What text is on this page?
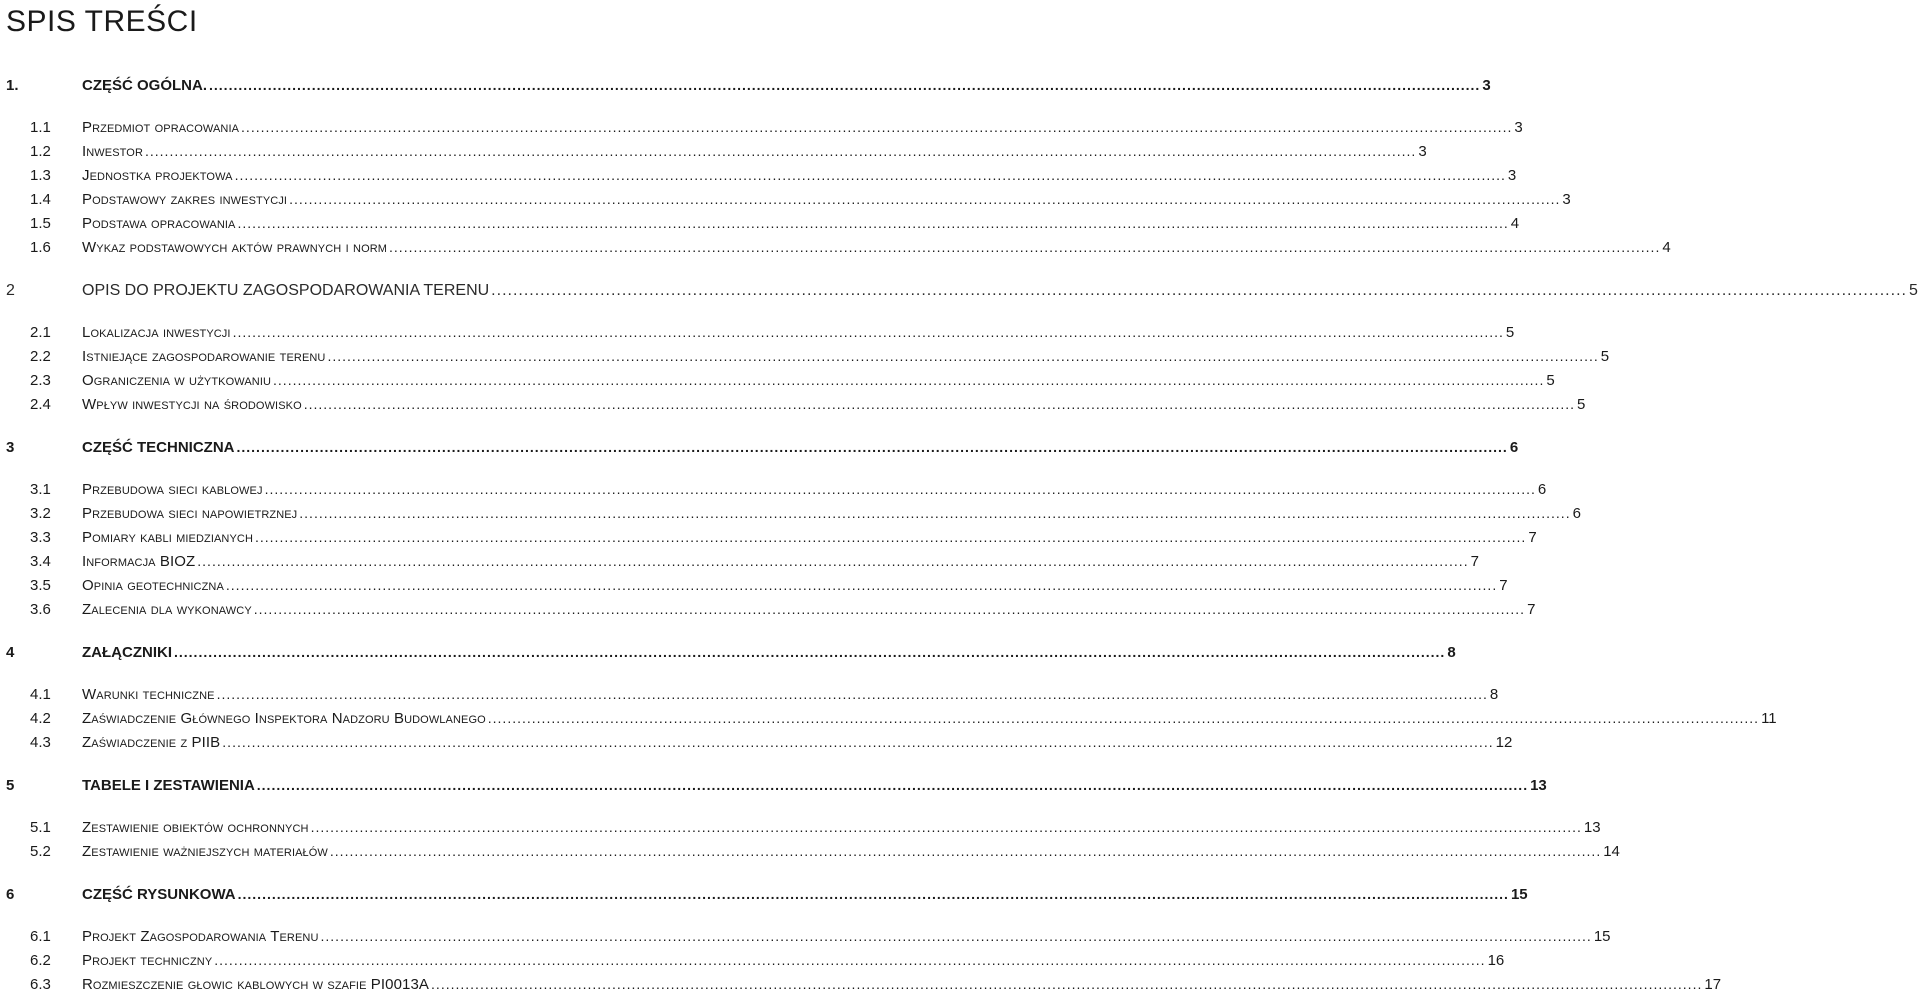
SPIS TREŚCI
1.	CZĘŚĆ OGÓLNA. .................................................................................................................................................................................................................................................................... 3
1.1 Przedmiot opracowania .................................................................................................................................................................................................................................................................... 3
1.2 Inwestor .................................................................................................................................................................................................................................................................... 3
1.3 Jednostka projektowa .................................................................................................................................................................................................................................................................... 3
1.4 Podstawowy zakres inwestycji .................................................................................................................................................................................................................................................................... 3
1.5 Podstawa opracowania .................................................................................................................................................................................................................................................................... 4
1.6 Wykaz podstawowych aktów prawnych i norm .................................................................................................................................................................................................................................................................... 4
2	OPIS DO PROJEKTU ZAGOSPODAROWANIA TERENU .................................................................................................................................................................................................................................................................... 5
2.1 Lokalizacja inwestycji .................................................................................................................................................................................................................................................................... 5
2.2 Istniejące zagospodarowanie terenu .................................................................................................................................................................................................................................................................... 5
2.3 Ograniczenia w użytkowaniu .................................................................................................................................................................................................................................................................... 5
2.4 Wpływ inwestycji na środowisko .................................................................................................................................................................................................................................................................... 5
3	CZĘŚĆ TECHNICZNA .................................................................................................................................................................................................................................................................... 6
3.1 Przebudowa sieci kablowej .................................................................................................................................................................................................................................................................... 6
3.2 Przebudowa sieci napowietrznej .................................................................................................................................................................................................................................................................... 6
3.3 Pomiary kabli miedzianych .................................................................................................................................................................................................................................................................... 7
3.4 Informacja BIOZ .................................................................................................................................................................................................................................................................... 7
3.5 Opinia geotechniczna .................................................................................................................................................................................................................................................................... 7
3.6 Zalecenia dla wykonawcy .................................................................................................................................................................................................................................................................... 7
4	ZAŁĄCZNIKI .................................................................................................................................................................................................................................................................... 8
4.1 Warunki techniczne .................................................................................................................................................................................................................................................................... 8
4.2 Zaświadczenie Głównego Inspektora Nadzoru Budowlanego .................................................................................................................................................................................................................................................................... 11
4.3 Zaświadczenie z PIIB .................................................................................................................................................................................................................................................................... 12
5	TABELE I ZESTAWIENIA .................................................................................................................................................................................................................................................................... 13
5.1 Zestawienie obiektów ochronnych .................................................................................................................................................................................................................................................................... 13
5.2 Zestawienie ważniejszych materiałów .................................................................................................................................................................................................................................................................... 14
6	CZĘŚĆ RYSUNKOWA .................................................................................................................................................................................................................................................................... 15
6.1 Projekt Zagospodarowania Terenu .................................................................................................................................................................................................................................................................... 15
6.2 Projekt techniczny .................................................................................................................................................................................................................................................................... 16
6.3 Rozmieszczenie głowic kablowych w szafie PI0013A .................................................................................................................................................................................................................................................................... 17
